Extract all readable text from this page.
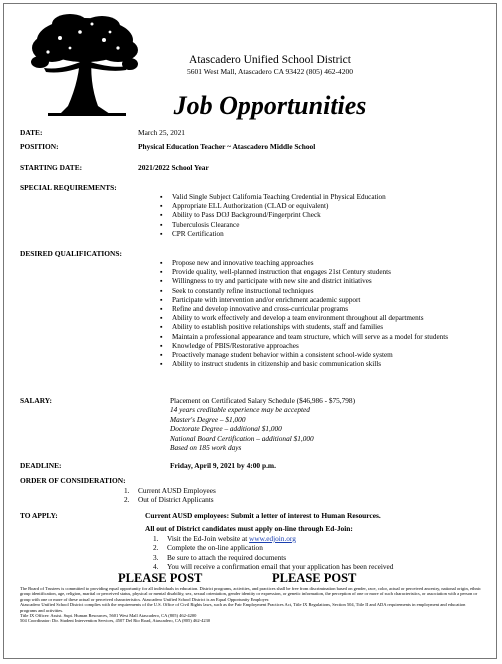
Atascadero Unified School District
5601 West Mall, Atascadero CA 93422 (805) 462-4200
Job Opportunities
DATE:	March 25, 2021
POSITION:	Physical Education Teacher ~ Atascadero Middle School
STARTING DATE:	2021/2022 School Year
SPECIAL REQUIREMENTS:
▪ Valid Single Subject California Teaching Credential in Physical Education
▪ Appropriate ELL Authorization (CLAD or equivalent)
▪ Ability to Pass DOJ Background/Fingerprint Check
▪ Tuberculosis Clearance
▪ CPR Certification
DESIRED QUALIFICATIONS:
▪ Propose new and innovative teaching approaches
▪ Provide quality, well-planned instruction that engages 21st Century students
▪ Willingness to try and participate with new site and district initiatives
▪ Seek to constantly refine instructional techniques
▪ Participate with intervention and/or enrichment academic support
▪ Refine and develop innovative and cross-curricular programs
▪ Ability to work effectively and develop a team environment throughout all departments
▪ Ability to establish positive relationships with students, staff and families
▪ Maintain a professional appearance and team structure, which will serve as a model for students
▪ Knowledge of PBIS/Restorative approaches
▪ Proactively manage student behavior within a consistent school-wide system
▪ Ability to instruct students in citizenship and basic communication skills
SALARY:	Placement on Certificated Salary Schedule ($46,986 - $75,798)
14 years creditable experience may be accepted
Master's Degree – $1,000
Doctorate Degree – additional $1,000
National Board Certification – additional $1,000
Based on 185 work days
DEADLINE:	Friday, April 9, 2021 by 4:00 p.m.
ORDER OF CONSIDERATION:
1. Current AUSD Employees
2. Out of District Applicants
TO APPLY:	Current AUSD employees: Submit a letter of interest to Human Resources.
All out of District candidates must apply on-line through Ed-Join:
1. Visit the Ed-Join website at www.edjoin.org
2. Complete the on-line application
3. Be sure to attach the required documents
4. You will receive a confirmation email that your application has been received
PLEASE POST	PLEASE POST

The Board of Trustees is committed to providing equal opportunity for all individuals in education. District programs, activities, and practices shall be free from discrimination based on gender, race, color, actual or perceived ancestry, national origin, ethnic group identification, age, religion, marital or perceived status, physical or mental disability, sex, sexual orientation, gender identity or expression, or genetic information, the perception of one or more of such characteristics, or association with a person or group with one or more of these actual or perceived characteristics. Atascadero Unified School District is an Equal Opportunity Employer.

Atascadero Unified School District complies with the requirements of the U.S. Office of Civil Rights laws, such as the Fair Employment Practices Act, Title IX Regulations, Section 504, Title II and ADA requirements in employment and education programs and activities.

Title IX Officer: Assist. Supt. Human Resources, 5601 West Mall Atascadero, CA (805) 462-4200

504 Coordinator: Dir. Student Intervention Services, 4507 Del Rio Road, Atascadero, CA (805) 462-4230
